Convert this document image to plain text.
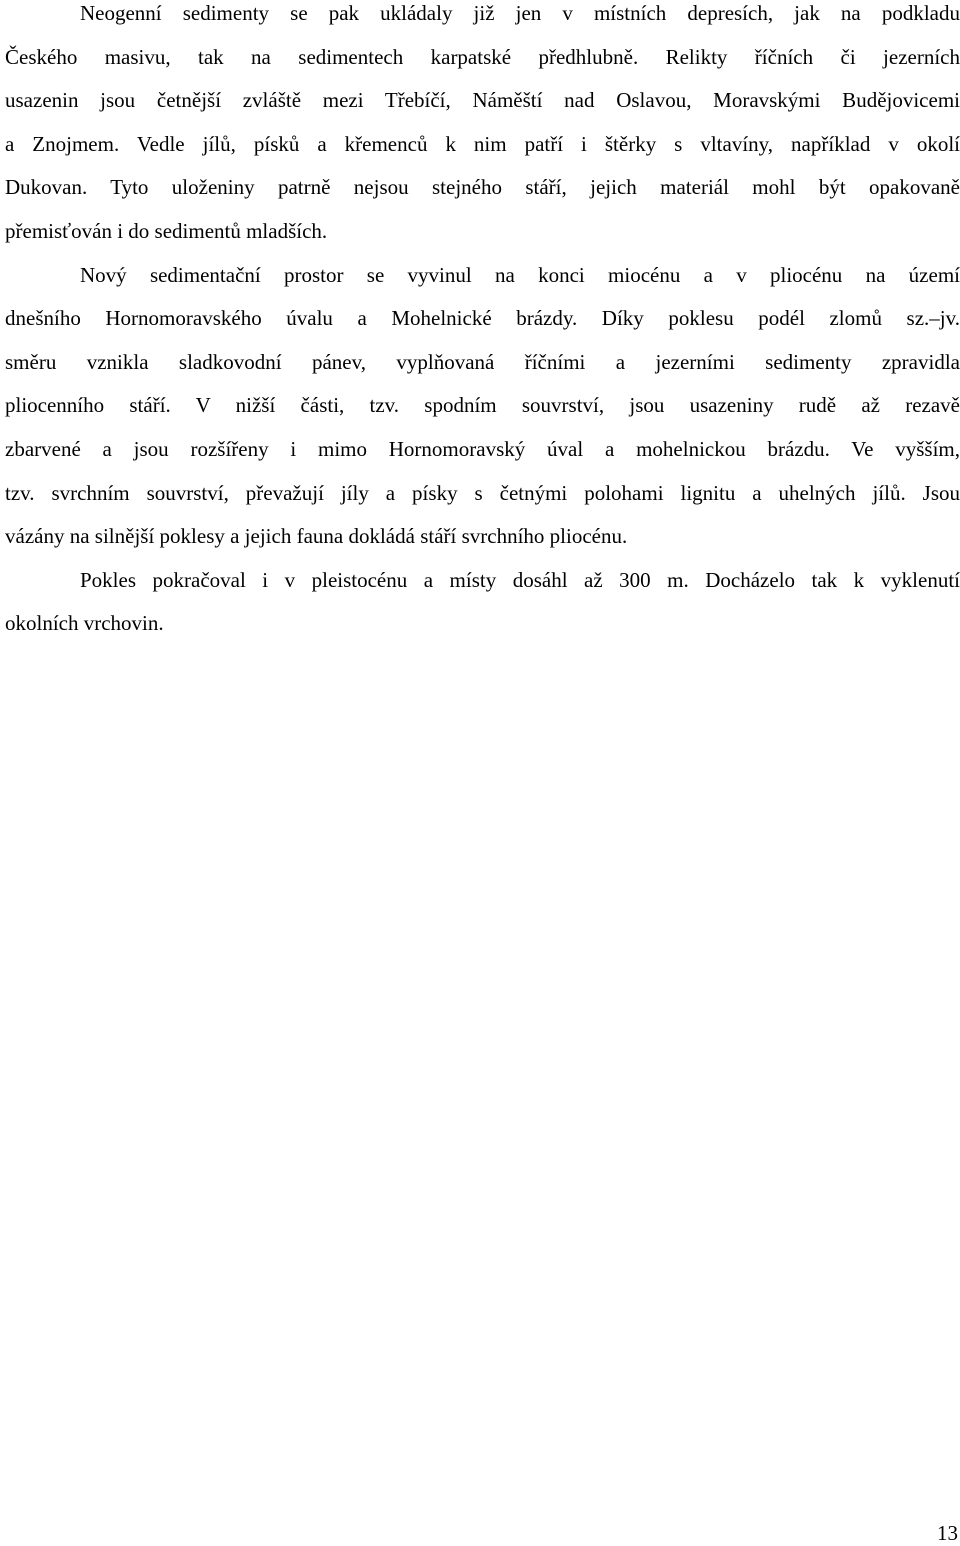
Neogenní sedimenty se pak ukládaly již jen v místních depresích, jak na podkladu
Českého masivu, tak na sedimentech karpatské předhlubně. Relikty říčních či jezerních
usazenin jsou četnější zvláště mezi Třebíčí, Náměští nad Oslavou, Moravskými Budějovicemi
a Znojmem. Vedle jílů, písků a křemenců k nim patří i štěrky s vltavíny, například v okolí
Dukovan. Tyto uloženiny patrně nejsou stejného stáří, jejich materiál mohl být opakovaně
přemisťován i do sedimentů mladších.
Nový sedimentační prostor se vyvinul na konci miocénu a v pliocénu na území
dnešního Hornomoravského úvalu a Mohelnické brázdy. Díky poklesu podél zlomů sz.–jv.
směru vznikla sladkovodní pánev, vyplňovaná říčními a jezerními sedimenty zpravidla
pliocenního stáří. V nižší části, tzv. spodním souvrství, jsou usazeniny rudě až rezavě
zbarvené a jsou rozšířeny i mimo Hornomoravský úval a mohelnickou brázdu. Ve vyšším,
tzv. svrchním souvrství, převažují jíly a písky s četnými polohami lignitu a uhelných jílů. Jsou
vázány na silnější poklesy a jejich fauna dokládá stáří svrchního pliocénu.
Pokles pokračoval i v pleistocénu a místy dosáhl až 300 m. Docházelo tak k vyklenutí
okolních vrchovin.
13
